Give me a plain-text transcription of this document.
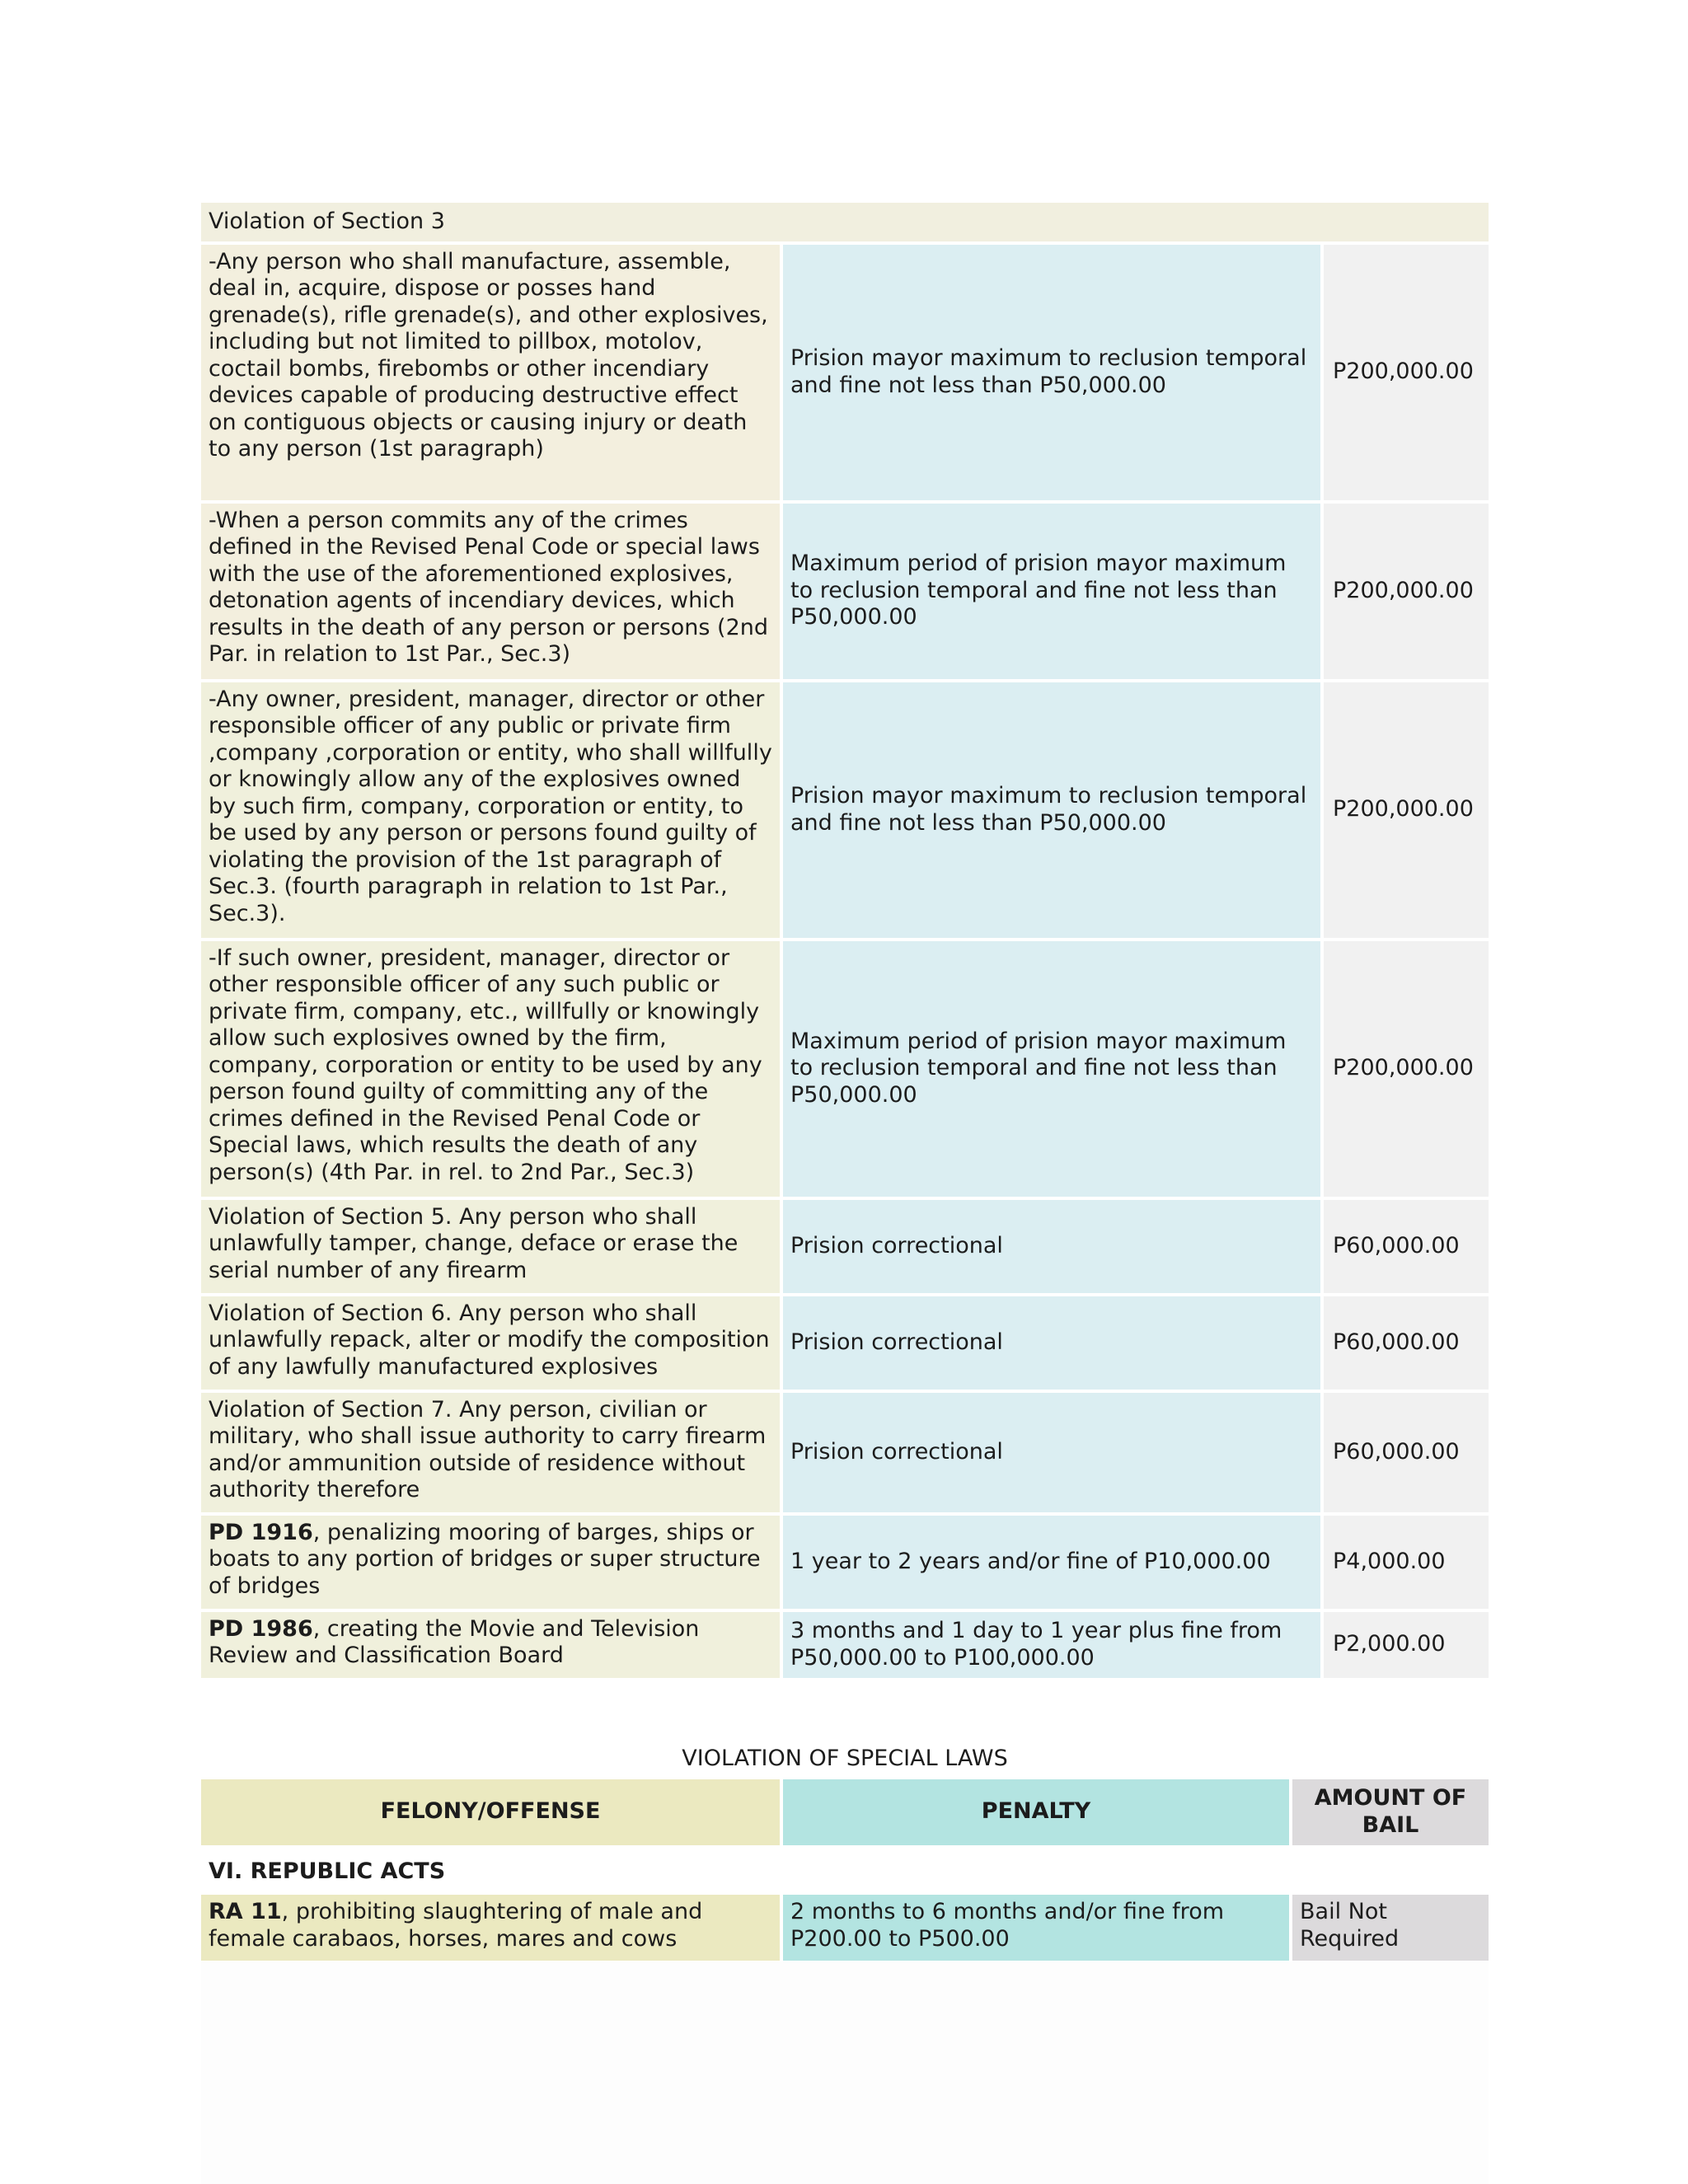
Violation of Section 3		
-Any person who shall manufacture, assemble, deal in, acquire, dispose or posses hand grenade(s), rifle grenade(s), and other explosives, including but not limited to pillbox, motolov, coctail bombs, firebombs or other incendiary devices capable of producing destructive effect on contiguous objects or causing injury or death to any person (1st paragraph)	Prision mayor maximum to reclusion temporal and fine not less than P50,000.00	P200,000.00
-When a person commits any of the crimes defined in the Revised Penal Code or special laws with the use of the aforementioned explosives, detonation agents of incendiary devices, which results in the death of any person or persons (2nd Par. in relation to 1st Par., Sec.3)	Maximum period of prision mayor maximum to reclusion temporal and fine not less than P50,000.00	P200,000.00
-Any owner, president, manager, director or other responsible officer of any public or private firm ,company ,corporation or entity, who shall willfully or knowingly allow any of the explosives owned by such firm, company, corporation or entity, to be used by any person or persons found guilty of violating the provision of the 1st paragraph of Sec.3. (fourth paragraph in relation to 1st Par., Sec.3).	Prision mayor maximum to reclusion temporal and fine not less than P50,000.00	P200,000.00
-If such owner, president, manager, director or other responsible officer of any such public or private firm, company, etc., willfully or knowingly allow such explosives owned by the firm, company, corporation or entity to be used by any person found guilty of committing any of the crimes defined in the Revised Penal Code or Special laws, which results the death of any person(s) (4th Par. in rel. to 2nd Par., Sec.3)	Maximum period of prision mayor maximum to reclusion temporal and fine not less than P50,000.00	P200,000.00
Violation of Section 5. Any person who shall unlawfully tamper, change, deface or erase the serial number of any firearm	Prision correctional	P60,000.00
Violation of Section 6. Any person who shall unlawfully repack, alter or modify the composition of any lawfully manufactured explosives	Prision correctional	P60,000.00
Violation of Section 7. Any person, civilian or military, who shall issue authority to carry firearm and/or ammunition outside of residence without authority therefore	Prision correctional	P60,000.00
PD 1916, penalizing mooring of barges, ships or boats to any portion of bridges or super structure of bridges	1 year to 2 years and/or fine of P10,000.00	P4,000.00
PD 1986, creating the Movie and Television Review and Classification Board	3 months and 1 day to 1 year plus fine from P50,000.00 to P100,000.00	P2,000.00
VIOLATION OF SPECIAL LAWS
FELONY/OFFENSE	PENALTY	AMOUNT OF BAIL
VI. REPUBLIC ACTS		
RA 11, prohibiting slaughtering of male and female carabaos, horses, mares and cows	2 months to 6 months and/or fine from P200.00 to P500.00	Bail Not Required
